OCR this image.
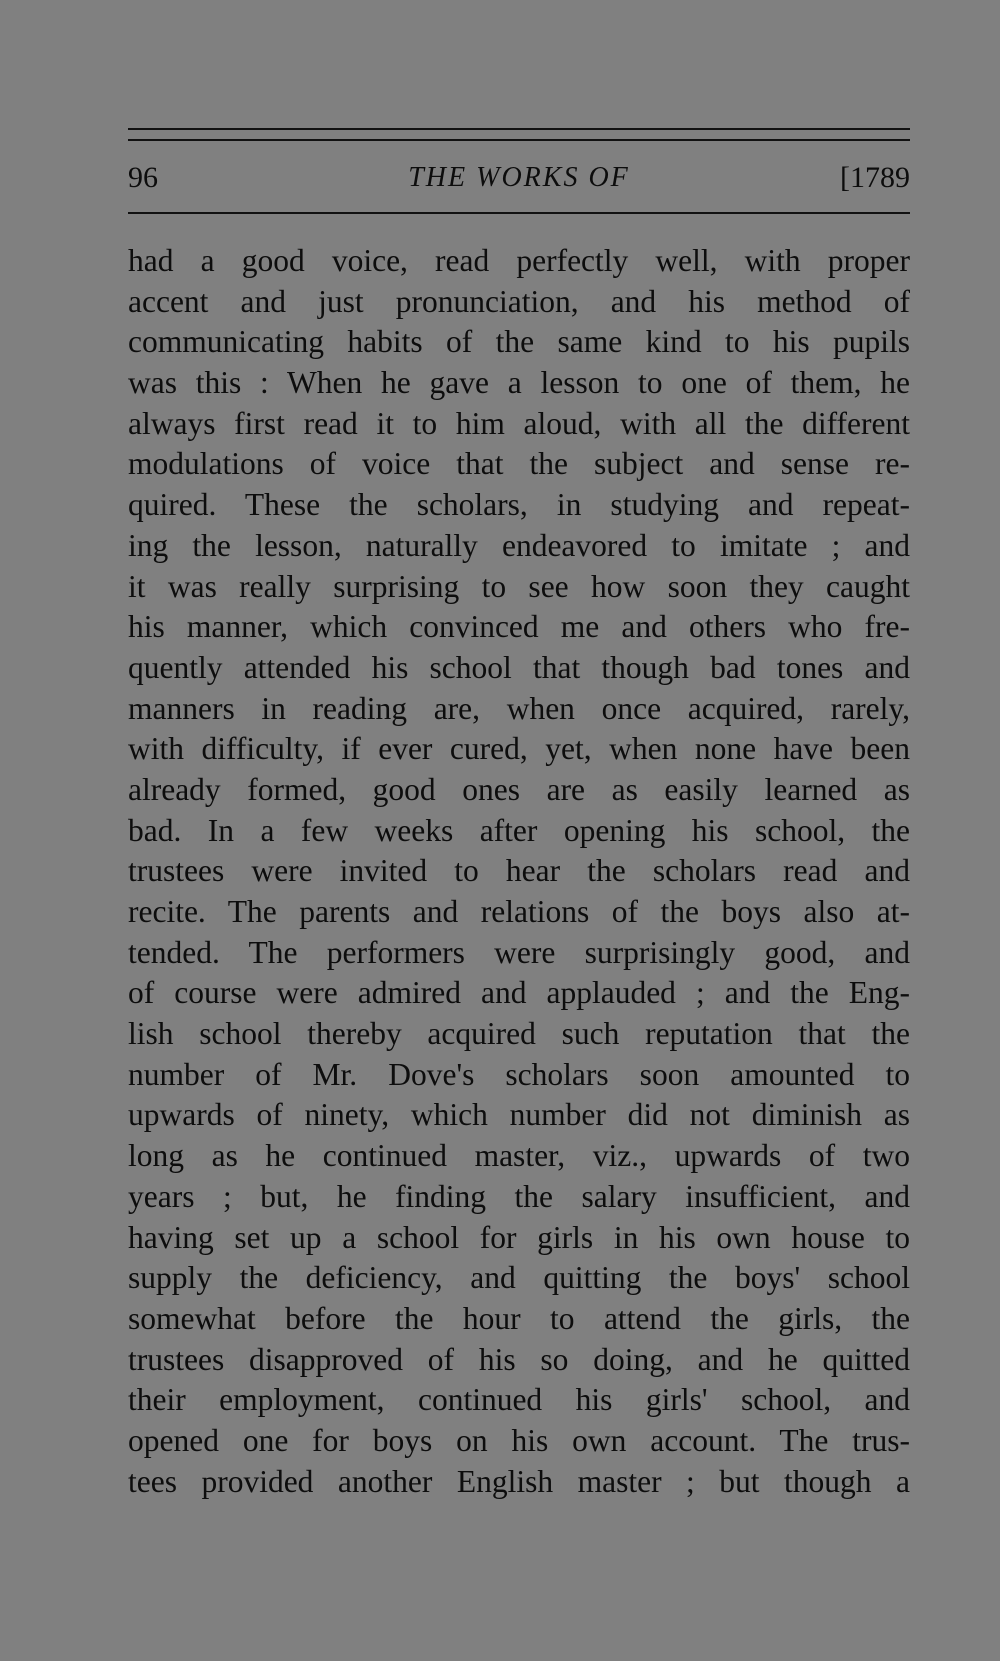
96	THE WORKS OF	[1789
had a good voice, read perfectly well, with proper
accent and just pronunciation, and his method of
communicating habits of the same kind to his pupils
was this : When he gave a lesson to one of them, he
always first read it to him aloud, with all the different
modulations of voice that the subject and sense re-
quired. These the scholars, in studying and repeat-
ing the lesson, naturally endeavored to imitate ; and
it was really surprising to see how soon they caught
his manner, which convinced me and others who fre-
quently attended his school that though bad tones and
manners in reading are, when once acquired, rarely,
with difficulty, if ever cured, yet, when none have been
already formed, good ones are as easily learned as
bad. In a few weeks after opening his school, the
trustees were invited to hear the scholars read and
recite. The parents and relations of the boys also at-
tended. The performers were surprisingly good, and
of course were admired and applauded ; and the Eng-
lish school thereby acquired such reputation that the
number of Mr. Dove's scholars soon amounted to
upwards of ninety, which number did not diminish as
long as he continued master, viz., upwards of two
years ; but, he finding the salary insufficient, and
having set up a school for girls in his own house to
supply the deficiency, and quitting the boys' school
somewhat before the hour to attend the girls, the
trustees disapproved of his so doing, and he quitted
their employment, continued his girls' school, and
opened one for boys on his own account. The trus-
tees provided another English master ; but though a
